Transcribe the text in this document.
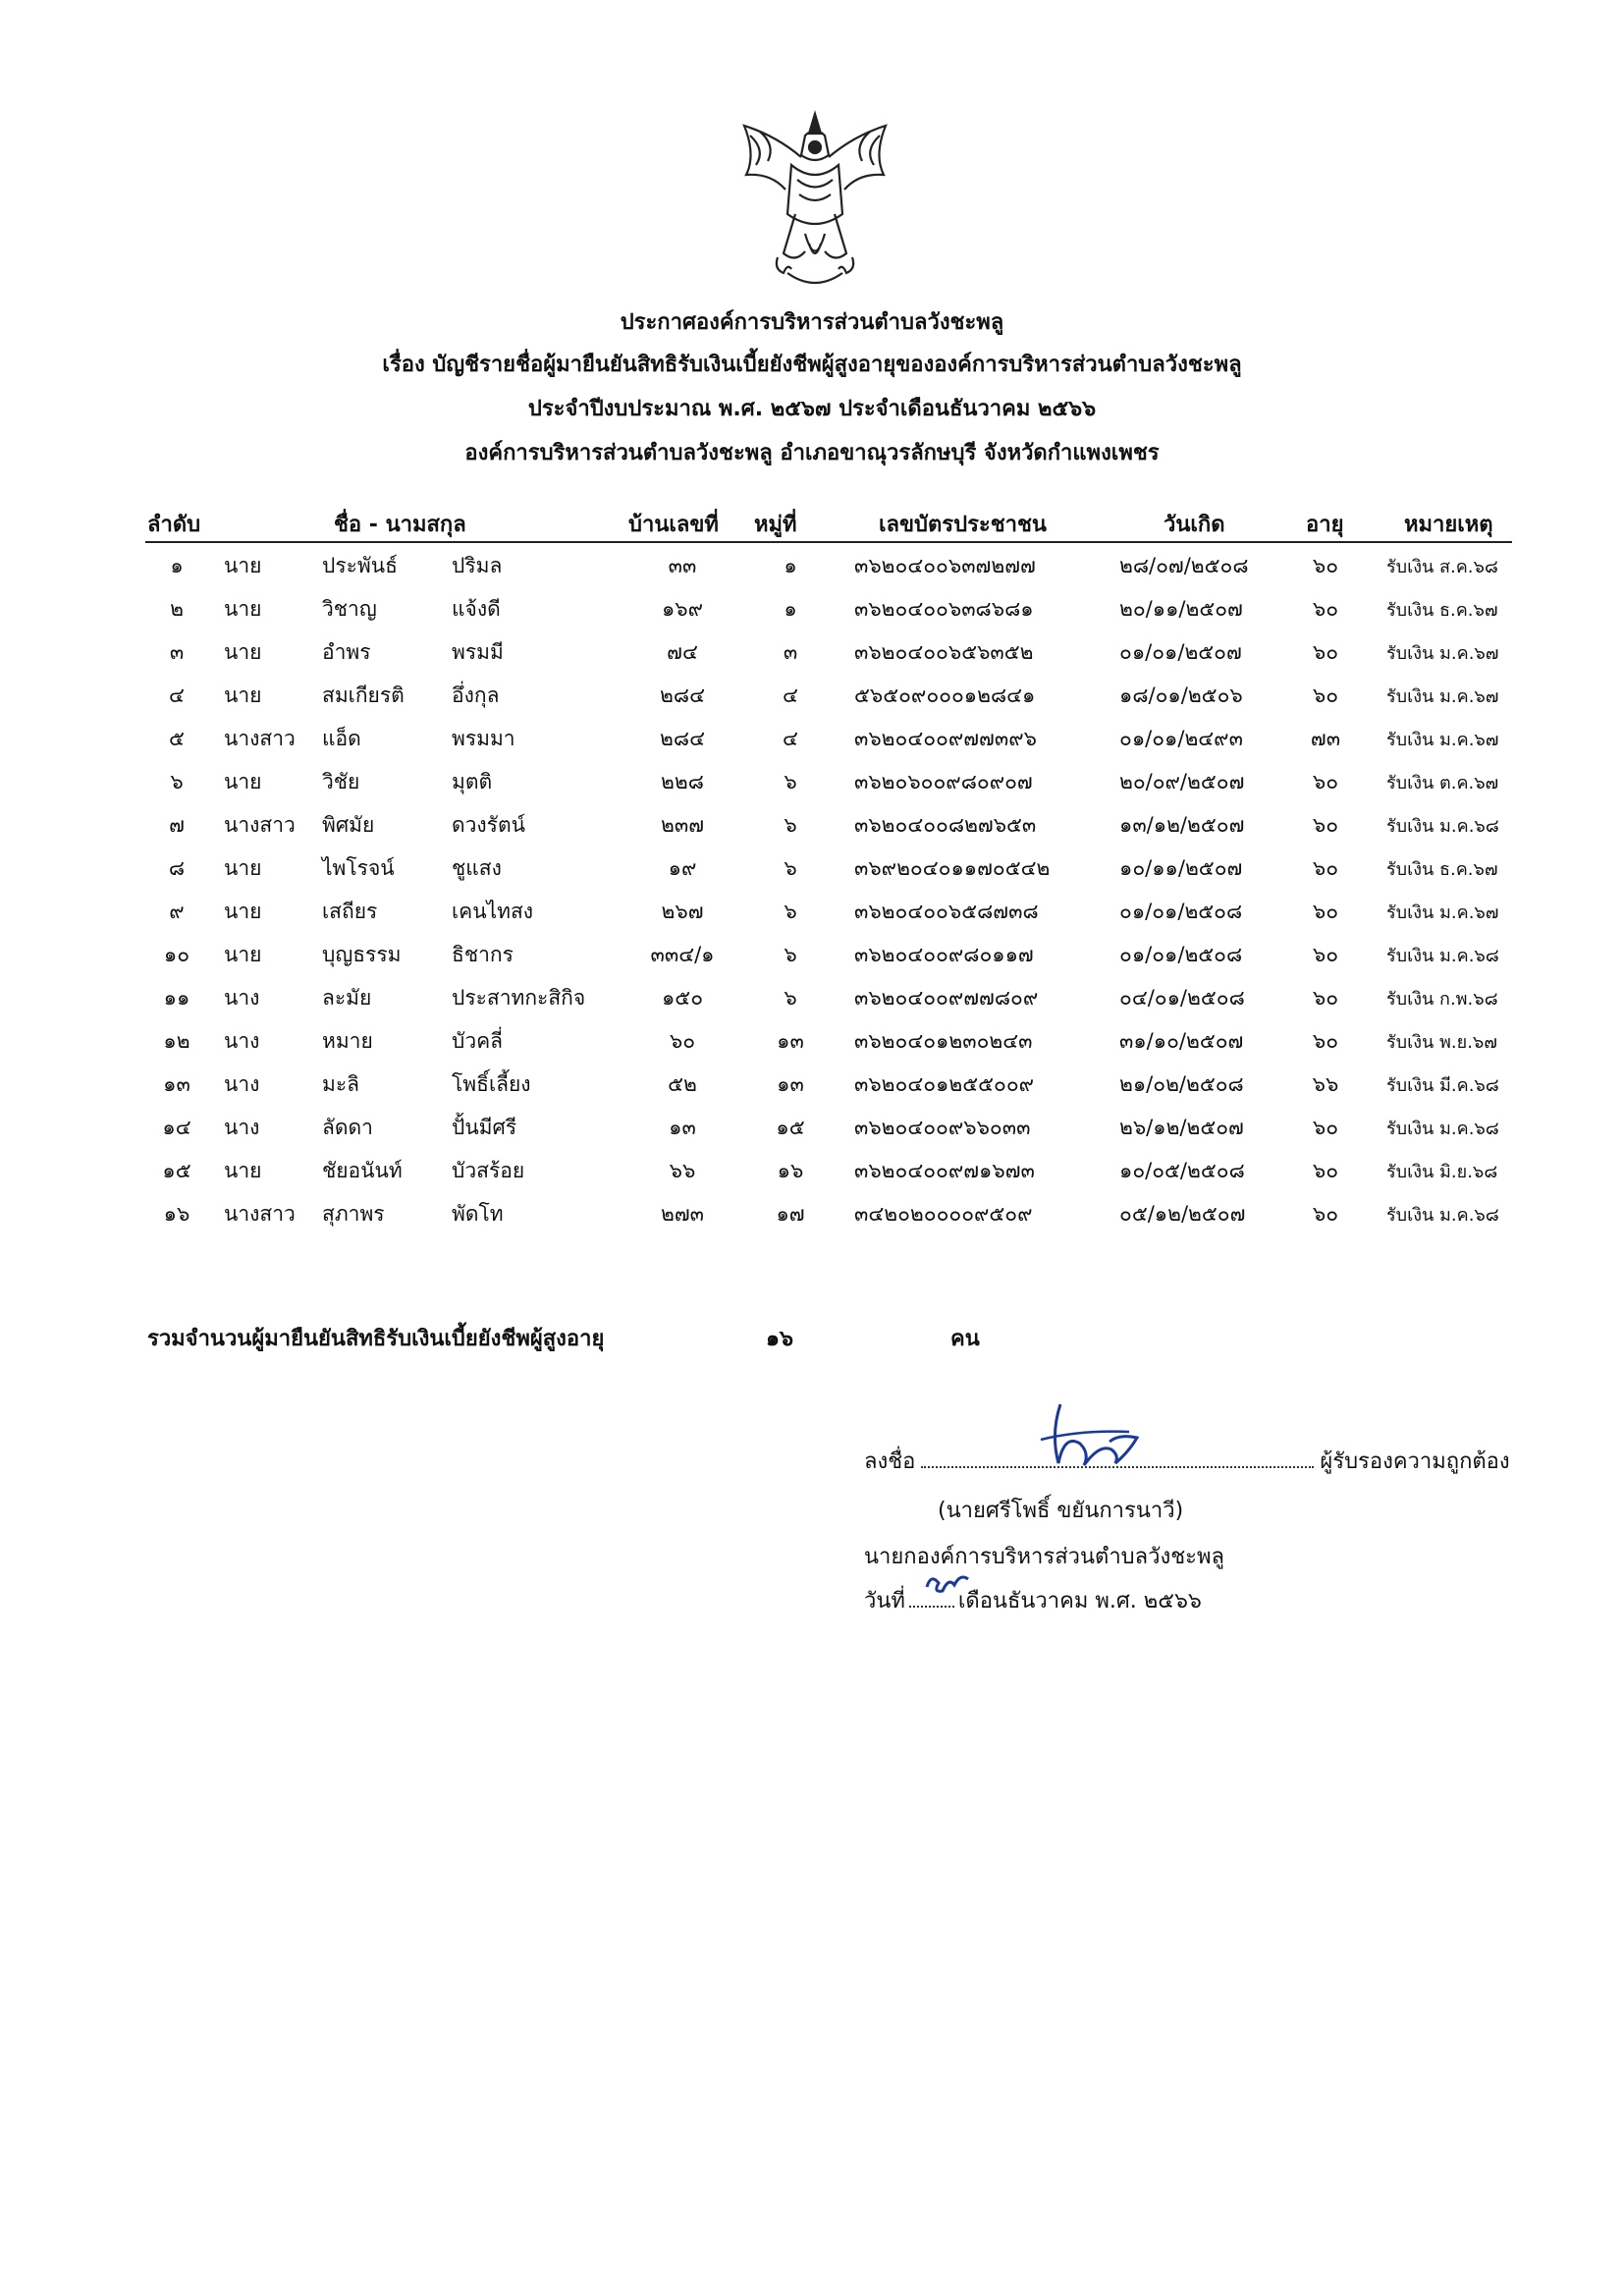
ประกาศองค์การบริหารส่วนตำบลวังชะพลู
เรื่อง บัญชีรายชื่อผู้มายืนยันสิทธิรับเงินเบี้ยยังชีพผู้สูงอายุขององค์การบริหารส่วนตำบลวังชะพลู
ประจำปีงบประมาณ พ.ศ. ๒๕๖๗ ประจำเดือนธันวาคม ๒๕๖๖
องค์การบริหารส่วนตำบลวังชะพลู อำเภอขาณุวรลักษบุรี จังหวัดกำแพงเพชร
ลำดับ	ชื่อ - นามสกุล	บ้านเลขที่ หมู่ที่	เลขบัตรประชาชน	วันเกิด	อายุ	หมายเหตุ
๑	นาย	ประพันธ์	ปริมล	๓๓	๑	๓๖๒๐๔๐๐๖๓๗๒๗๗	๒๘/๐๗/๒๕๐๘	๖๐	รับเงิน ส.ค.๖๘
๒	นาย	วิชาญ	แจ้งดี	๑๖๙	๑	๓๖๒๐๔๐๐๖๓๘๖๘๑	๒๐/๑๑/๒๕๐๗	๖๐	รับเงิน ธ.ค.๖๗
๓	นาย	อำพร	พรมมี	๗๔	๓	๓๖๒๐๔๐๐๖๕๖๓๕๒	๐๑/๐๑/๒๕๐๗	๖๐	รับเงิน ม.ค.๖๗
๔	นาย	สมเกียรติ อึ่งกุล	๒๘๔	๔	๕๖๕๐๙๐๐๐๑๒๘๔๑	๑๘/๐๑/๒๕๐๖	๖๐	รับเงิน ม.ค.๖๗
๕	นางสาว แอ็ด	พรมมา	๒๘๔	๔	๓๖๒๐๔๐๐๙๗๗๓๙๖	๐๑/๐๑/๒๔๙๓	๗๓	รับเงิน ม.ค.๖๗
๖	นาย	วิชัย	มุตติ	๒๒๘	๖	๓๖๒๐๖๐๐๙๘๐๙๐๗	๒๐/๐๙/๒๕๐๗	๖๐	รับเงิน ต.ค.๖๗
๗	นางสาว พิศมัย	ดวงรัตน์	๒๓๗	๖	๓๖๒๐๔๐๐๘๒๗๖๕๓	๑๓/๑๒/๒๕๐๗	๖๐	รับเงิน ม.ค.๖๘
๘	นาย	ไพโรจน์	ชูแสง	๑๙	๖	๓๖๙๒๐๔๐๑๑๗๐๕๔๒	๑๐/๑๑/๒๕๐๗	๖๐	รับเงิน ธ.ค.๖๗
๙	นาย	เสถียร	เคนไทสง	๒๖๗	๖	๓๖๒๐๔๐๐๖๕๘๗๓๘	๐๑/๐๑/๒๕๐๘	๖๐	รับเงิน ม.ค.๖๗
๑๐	นาย	บุญธรรม ธิชากร	๓๓๔/๑	๖	๓๖๒๐๔๐๐๙๘๐๑๑๗	๐๑/๐๑/๒๕๐๘	๖๐	รับเงิน ม.ค.๖๘
๑๑	นาง	ละมัย	ประสาทกะสิกิจ	๑๕๐	๖	๓๖๒๐๔๐๐๙๗๗๘๐๙	๐๔/๐๑/๒๕๐๘	๖๐	รับเงิน ก.พ.๖๘
๑๒	นาง	หมาย	บัวคลี่	๖๐	๑๓	๓๖๒๐๔๐๑๒๓๐๒๔๓	๓๑/๑๐/๒๕๐๗	๖๐	รับเงิน พ.ย.๖๗
๑๓	นาง	มะลิ	โพธิ์เลี้ยง	๕๒	๑๓	๓๖๒๐๔๐๑๒๕๕๐๐๙	๒๑/๐๒/๒๕๐๘	๖๖	รับเงิน มี.ค.๖๘
๑๔	นาง	ลัดดา	ปั้นมีศรี	๑๓	๑๕	๓๖๒๐๔๐๐๙๖๖๐๓๓	๒๖/๑๒/๒๕๐๗	๖๐	รับเงิน ม.ค.๖๘
๑๕	นาย	ชัยอนันท์ บัวสร้อย	๖๖	๑๖	๓๖๒๐๔๐๐๙๗๑๖๗๓	๑๐/๐๕/๒๕๐๘	๖๐	รับเงิน มิ.ย.๖๘
๑๖	นางสาว สุภาพร	พัดโท	๒๗๓	๑๗	๓๔๒๐๒๐๐๐๐๙๕๐๙	๐๕/๑๒/๒๕๐๗	๖๐	รับเงิน ม.ค.๖๘
รวมจำนวนผู้มายืนยันสิทธิรับเงินเบี้ยยังชีพผู้สูงอายุ	๑๖	คน
ลงชื่อ	ผู้รับรองความถูกต้อง
(นายศรีโพธิ์ ขยันการนาวี)
นายกองค์การบริหารส่วนตำบลวังชะพลู
วันที่ เดือนธันวาคม พ.ศ. ๒๕๖๖
